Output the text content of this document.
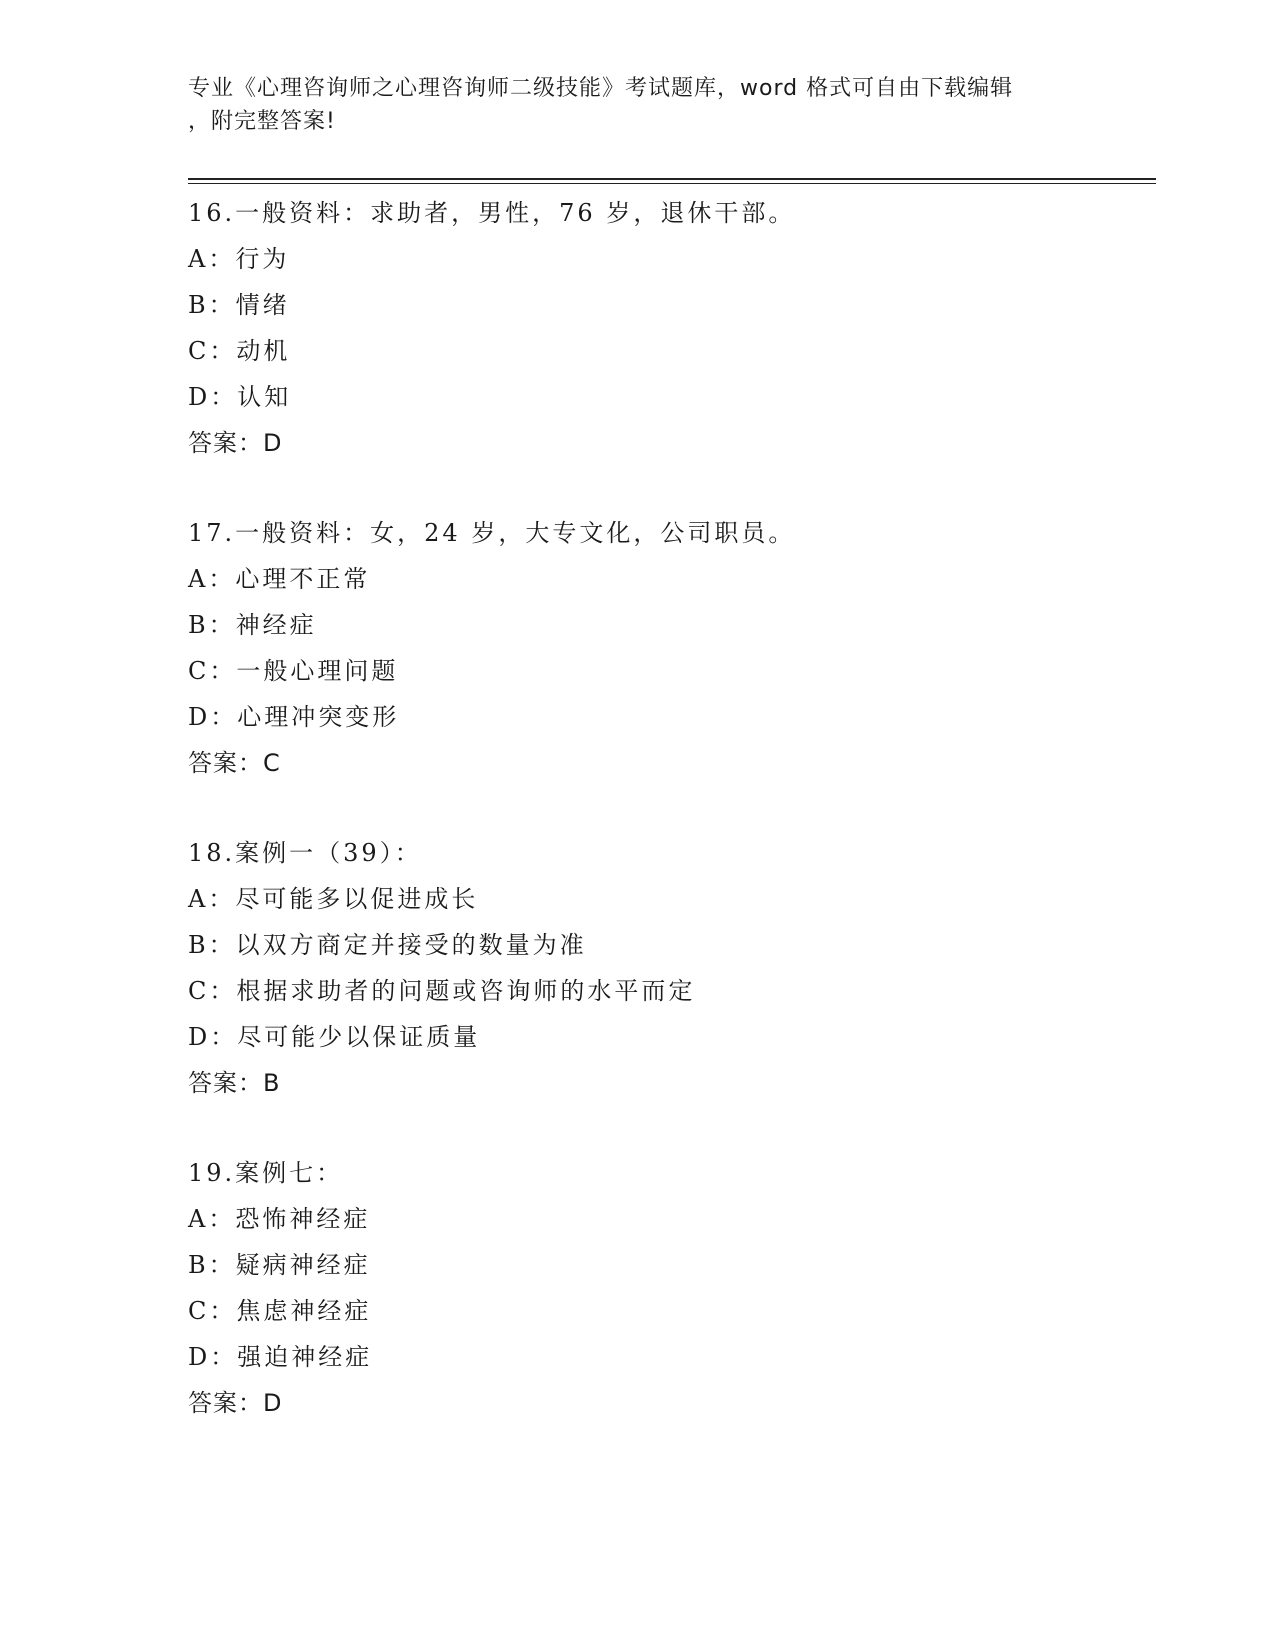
专业《心理咨询师之心理咨询师二级技能》考试题库，word 格式可自由下载编辑
，附完整答案!
16.一般资料：求助者，男性，76 岁，退休干部。
A：行为
B：情绪
C：动机
D：认知
答案：D
17.一般资料：女，24 岁，大专文化，公司职员。
A：心理不正常
B：神经症
C：一般心理问题
D：心理冲突变形
答案：C
18.案例一（39）：
A：尽可能多以促进成长
B：以双方商定并接受的数量为准
C：根据求助者的问题或咨询师的水平而定
D：尽可能少以保证质量
答案：B
19.案例七：
A：恐怖神经症
B：疑病神经症
C：焦虑神经症
D：强迫神经症
答案：D
